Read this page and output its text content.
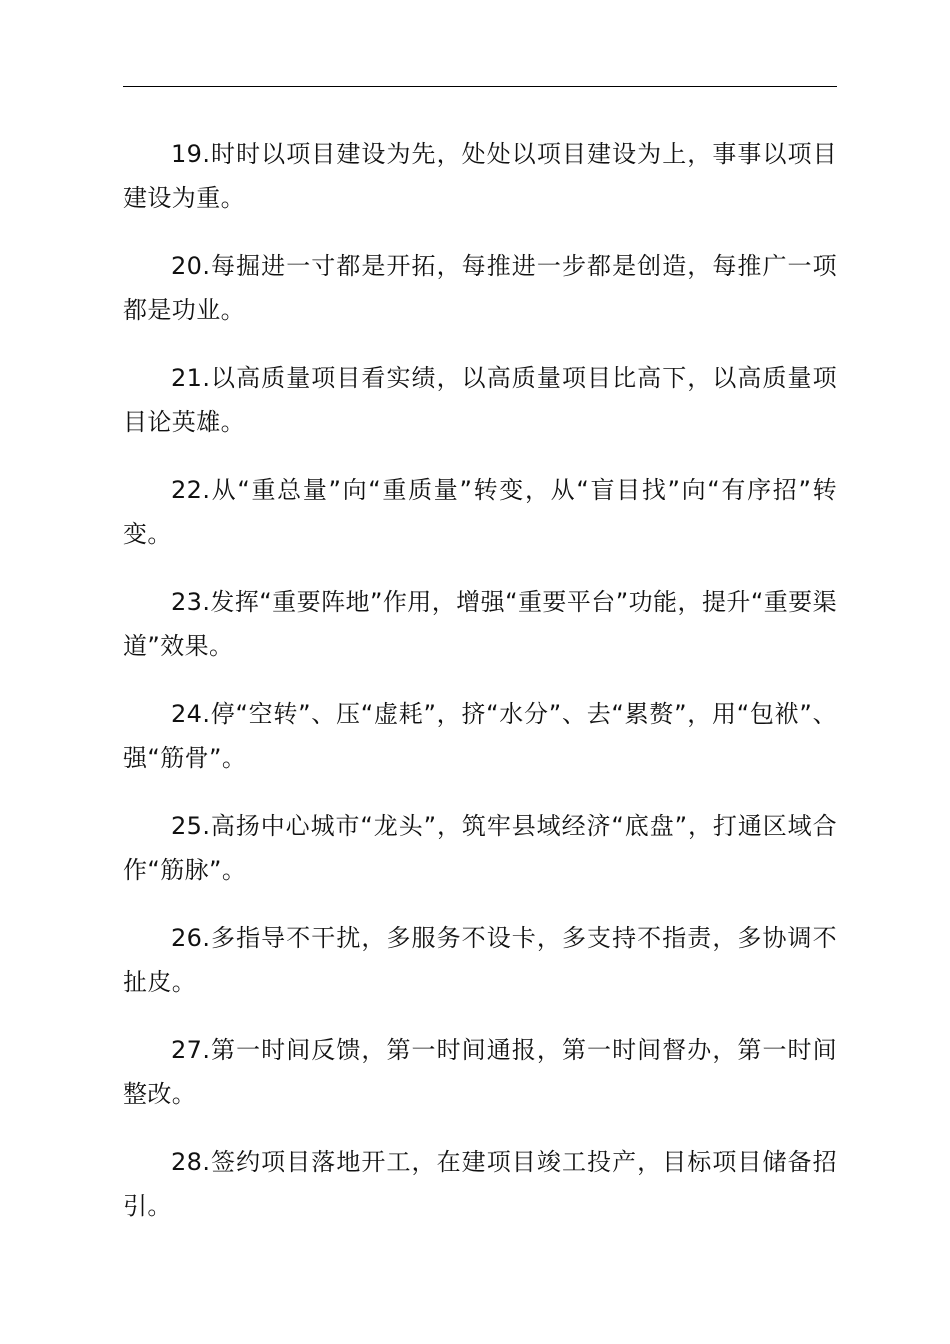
19.时时以项目建设为先，处处以项目建设为上，事事以项目建设为重。

20.每掘进一寸都是开拓，每推进一步都是创造，每推广一项都是功业。

21.以高质量项目看实绩，以高质量项目比高下，以高质量项目论英雄。

22.从“重总量”向“重质量”转变，从“盲目找”向“有序招”转变。

23.发挥“重要阵地”作用，增强“重要平台”功能，提升“重要渠道”效果。

24.停“空转”、压“虚耗”，挤“水分”、去“累赘”，用“包袱”、强“筋骨”。

25.高扬中心城市“龙头”，筑牢县域经济“底盘”，打通区域合作“筋脉”。

26.多指导不干扰，多服务不设卡，多支持不指责，多协调不扯皮。

27.第一时间反馈，第一时间通报，第一时间督办，第一时间整改。

28.签约项目落地开工，在建项目竣工投产，目标项目储备招引。
